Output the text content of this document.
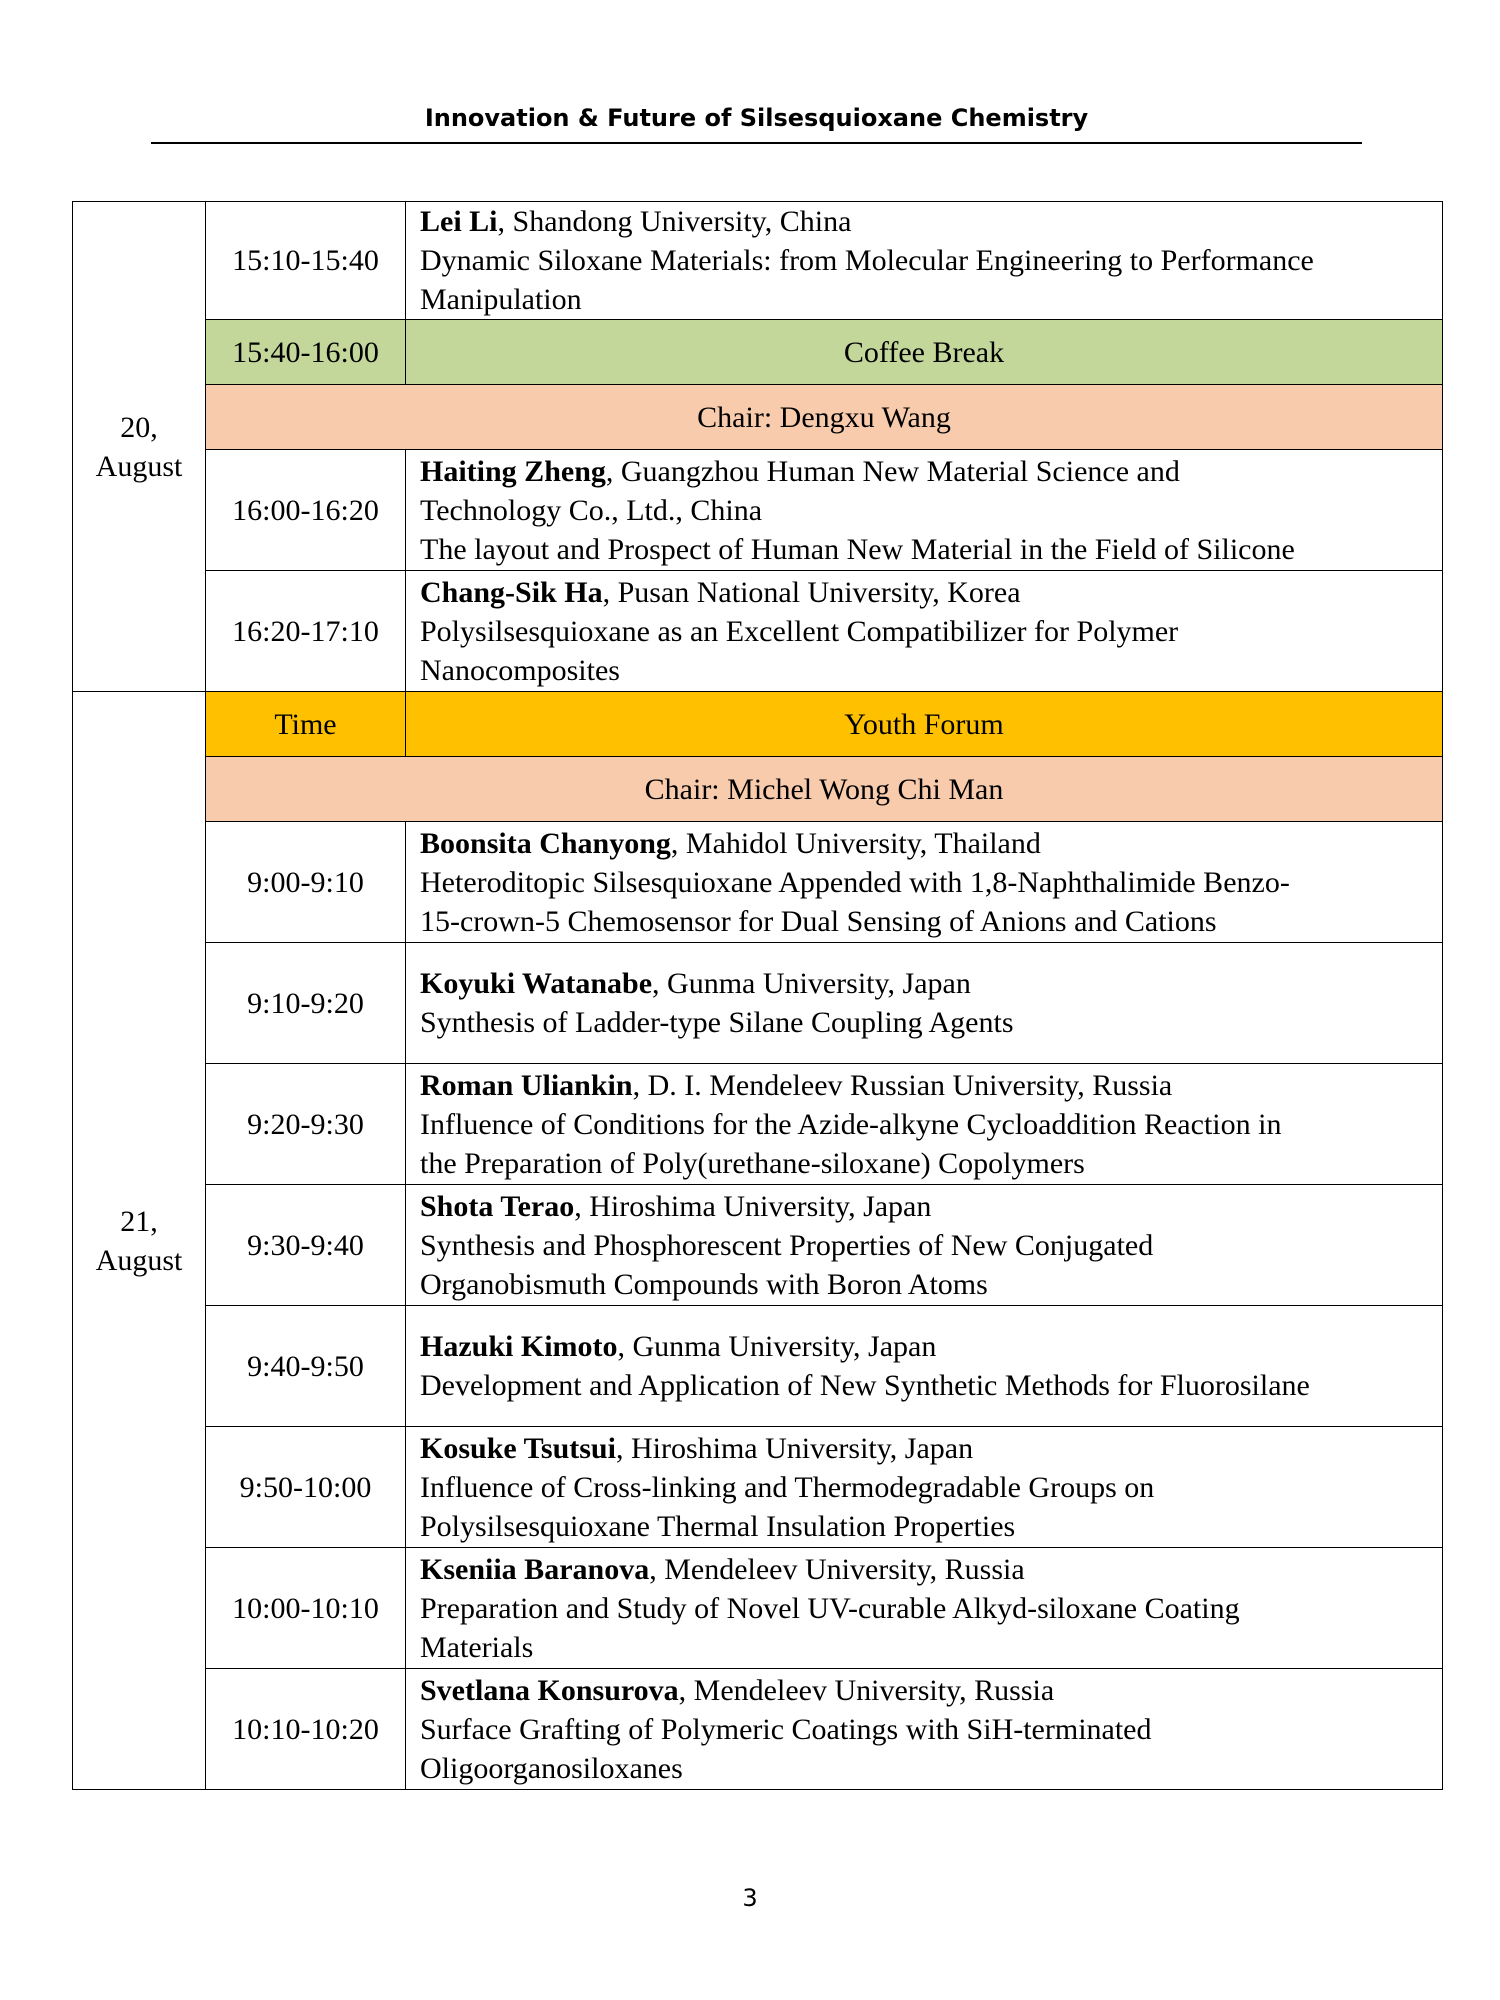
Innovation & Future of Silsesquioxane Chemistry
20,
August	15:10-15:40	Lei Li, Shandong University, China
Dynamic Siloxane Materials: from Molecular Engineering to Performance
Manipulation

	15:40-16:00	Coffee Break
	Chair: Dengxu Wang	
	16:00-16:20	Haiting Zheng, Guangzhou Human New Material Science and
Technology Co., Ltd., China
The layout and Prospect of Human New Material in the Field of Silicone

	16:20-17:10	Chang-Sik Ha, Pusan National University, Korea
Polysilsesquioxane as an Excellent Compatibilizer for Polymer
Nanocomposites

21,
August	Time	Youth Forum
	Chair: Michel Wong Chi Man	
	9:00-9:10	Boonsita Chanyong, Mahidol University, Thailand
Heteroditopic Silsesquioxane Appended with 1,8-Naphthalimide Benzo-
15-crown-5 Chemosensor for Dual Sensing of Anions and Cations

	9:10-9:20	Koyuki Watanabe, Gunma University, Japan
Synthesis of Ladder-type Silane Coupling Agents

	9:20-9:30	Roman Uliankin, D. I. Mendeleev Russian University, Russia
Influence of Conditions for the Azide-alkyne Cycloaddition Reaction in
the Preparation of Poly(urethane-siloxane) Copolymers

	9:30-9:40	Shota Terao, Hiroshima University, Japan
Synthesis and Phosphorescent Properties of New Conjugated
Organobismuth Compounds with Boron Atoms

	9:40-9:50	Hazuki Kimoto, Gunma University, Japan
Development and Application of New Synthetic Methods for Fluorosilane

	9:50-10:00	Kosuke Tsutsui, Hiroshima University, Japan
Influence of Cross-linking and Thermodegradable Groups on
Polysilsesquioxane Thermal Insulation Properties

	10:00-10:10	Kseniia Baranova, Mendeleev University, Russia
Preparation and Study of Novel UV-curable Alkyd-siloxane Coating
Materials

	10:10-10:20	Svetlana Konsurova, Mendeleev University, Russia
Surface Grafting of Polymeric Coatings with SiH-terminated
Oligoorganosiloxanes
3
